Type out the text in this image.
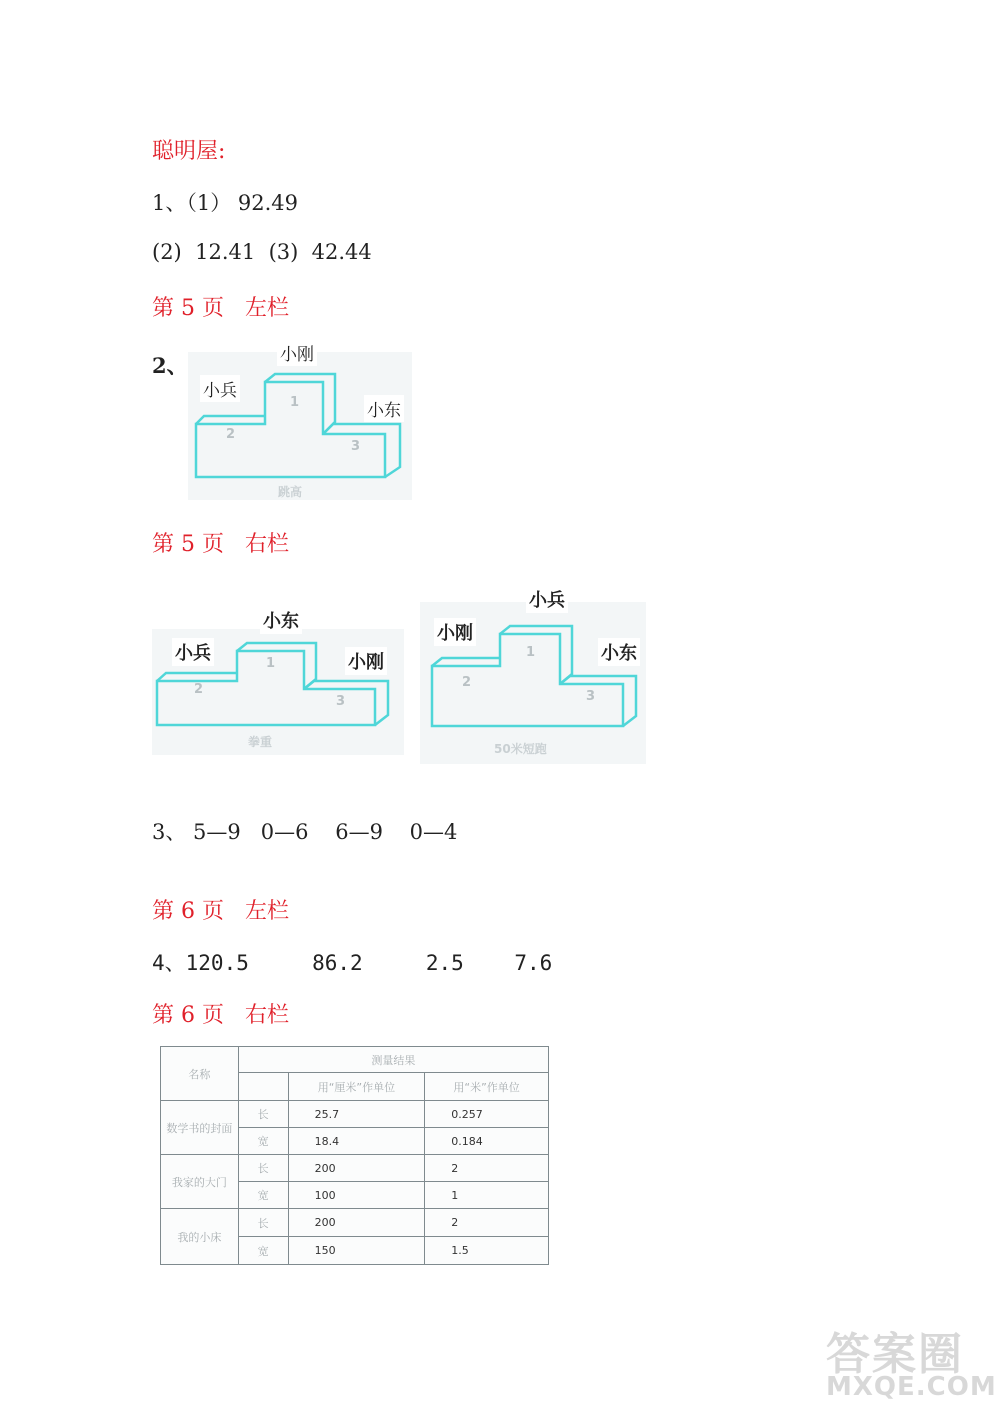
聪明屋:
1、（1） 92.49
(2)  12.41  (3)  42.44
第 5 页   左栏
2、
1
2
3
跳高
小刚
小兵
小东
第 5 页   右栏
1
2
3
拳重
小东
小兵	小刚	1
2
3
50米短跑
小兵
小刚
小东
3、 5—9   0—6    6—9    0—4
第 6 页   左栏
4、120.5     86.2     2.5    7.6
第 6 页   右栏
名称	测量结果		
		用“厘米”作单位	用“米”作单位
数学书的封面	长	25.7	0.257
	宽	18.4	0.184
我家的大门	长	200	2
	宽	100	1
我的小床	长	200	2
	宽	150	1.5
答案圈
MXQE.COM
